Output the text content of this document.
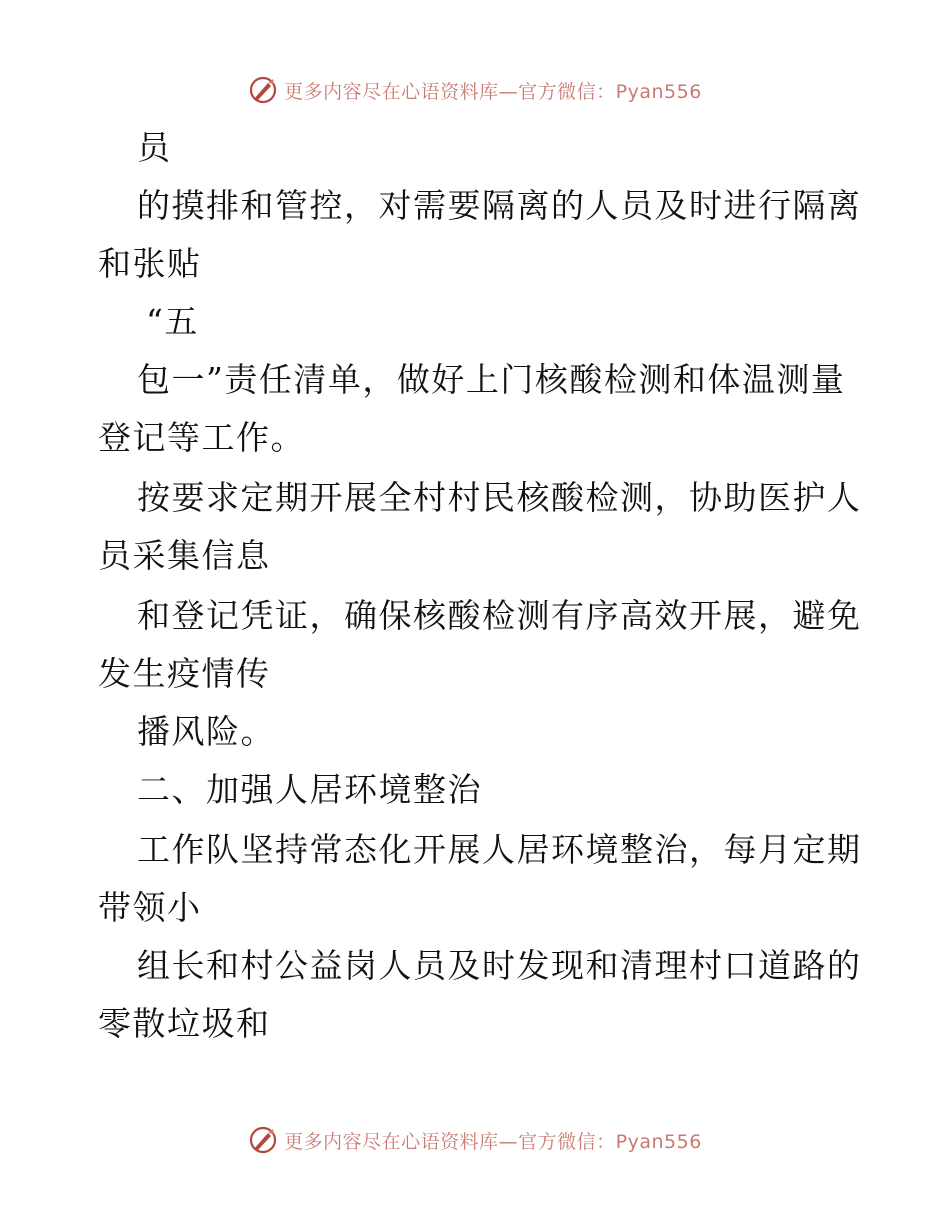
更多内容尽在心语资料库—官方微信：Pyan556
员
的摸排和管控，对需要隔离的人员及时进行隔离
和张贴
“五
包一”责任清单，做好上门核酸检测和体温测量
登记等工作。
按要求定期开展全村村民核酸检测，协助医护人
员采集信息
和登记凭证，确保核酸检测有序高效开展，避免
发生疫情传
播风险。
二、加强人居环境整治
工作队坚持常态化开展人居环境整治，每月定期
带领小
组长和村公益岗人员及时发现和清理村口道路的
零散垃圾和
更多内容尽在心语资料库—官方微信：Pyan556
